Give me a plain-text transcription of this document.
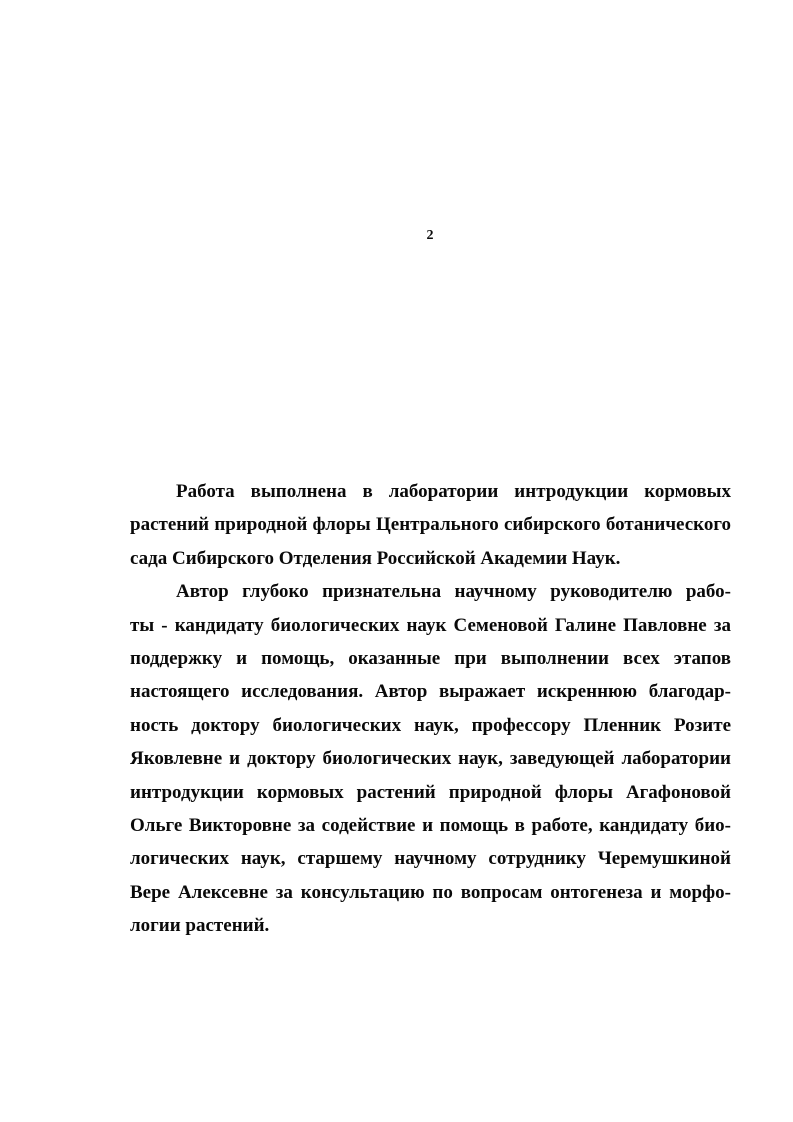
2
Работа выполнена в лаборатории интродукции кормовых
растений природной флоры Центрального сибирского ботанического
сада Сибирского Отделения Российской Академии Наук.
Автор глубоко признательна научному руководителю рабо-
ты - кандидату биологических наук Семеновой Галине Павловне за
поддержку и помощь, оказанные при выполнении всех этапов
настоящего исследования. Автор выражает искреннюю благодар-
ность доктору биологических наук, профессору Пленник Розите
Яковлевне и доктору биологических наук, заведующей лаборатории
интродукции кормовых растений природной флоры Агафоновой
Ольге Викторовне за содействие и помощь в работе, кандидату био-
логических наук, старшему научному сотруднику Черемушкиной
Вере Алексевне за консультацию по вопросам онтогенеза и морфо-
логии растений.
